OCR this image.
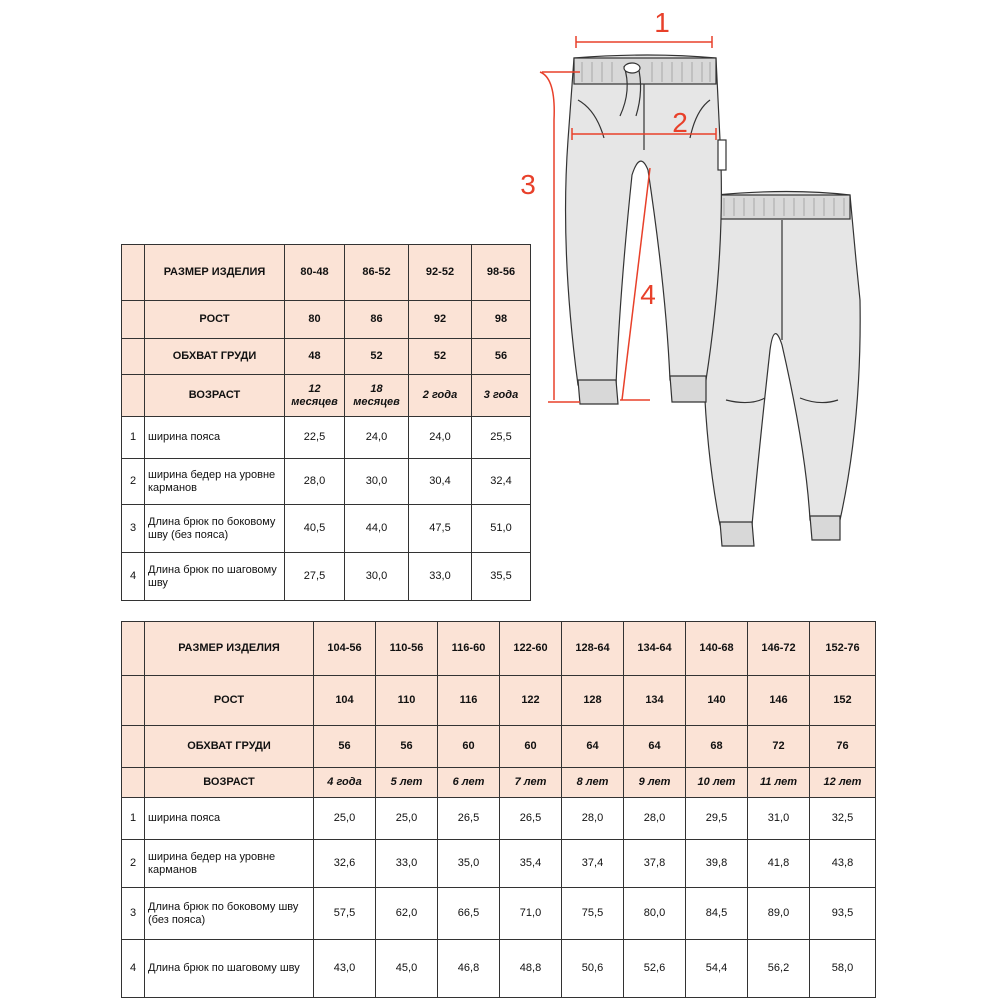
1
2
3
4
	РАЗМЕР ИЗДЕЛИЯ	80-48	86-52	92-52	98-56
	РОСТ	80	86	92	98
	ОБХВАТ ГРУДИ	48	52	52	56
	ВОЗРАСТ	12 месяцев	18 месяцев	2 года	3 года
1	ширина пояса	22,5	24,0	24,0	25,5
2	ширина бедер на уровне карманов	28,0	30,0	30,4	32,4
3	Длина брюк по боковому шву (без пояса)	40,5	44,0	47,5	51,0
4	Длина брюк по шаговому шву	27,5	30,0	33,0	35,5
	РАЗМЕР ИЗДЕЛИЯ	104-56	110-56	116-60	122-60	128-64	134-64	140-68	146-72	152-76
	РОСТ	104	110	116	122	128	134	140	146	152
	ОБХВАТ ГРУДИ	56	56	60	60	64	64	68	72	76
	ВОЗРАСТ	4 года	5 лет	6 лет	7 лет	8 лет	9 лет	10 лет	11 лет	12 лет
1	ширина пояса	25,0	25,0	26,5	26,5	28,0	28,0	29,5	31,0	32,5
2	ширина бедер на уровне карманов	32,6	33,0	35,0	35,4	37,4	37,8	39,8	41,8	43,8
3	Длина брюк по боковому шву (без пояса)	57,5	62,0	66,5	71,0	75,5	80,0	84,5	89,0	93,5
4	Длина брюк по шаговому шву	43,0	45,0	46,8	48,8	50,6	52,6	54,4	56,2	58,0
